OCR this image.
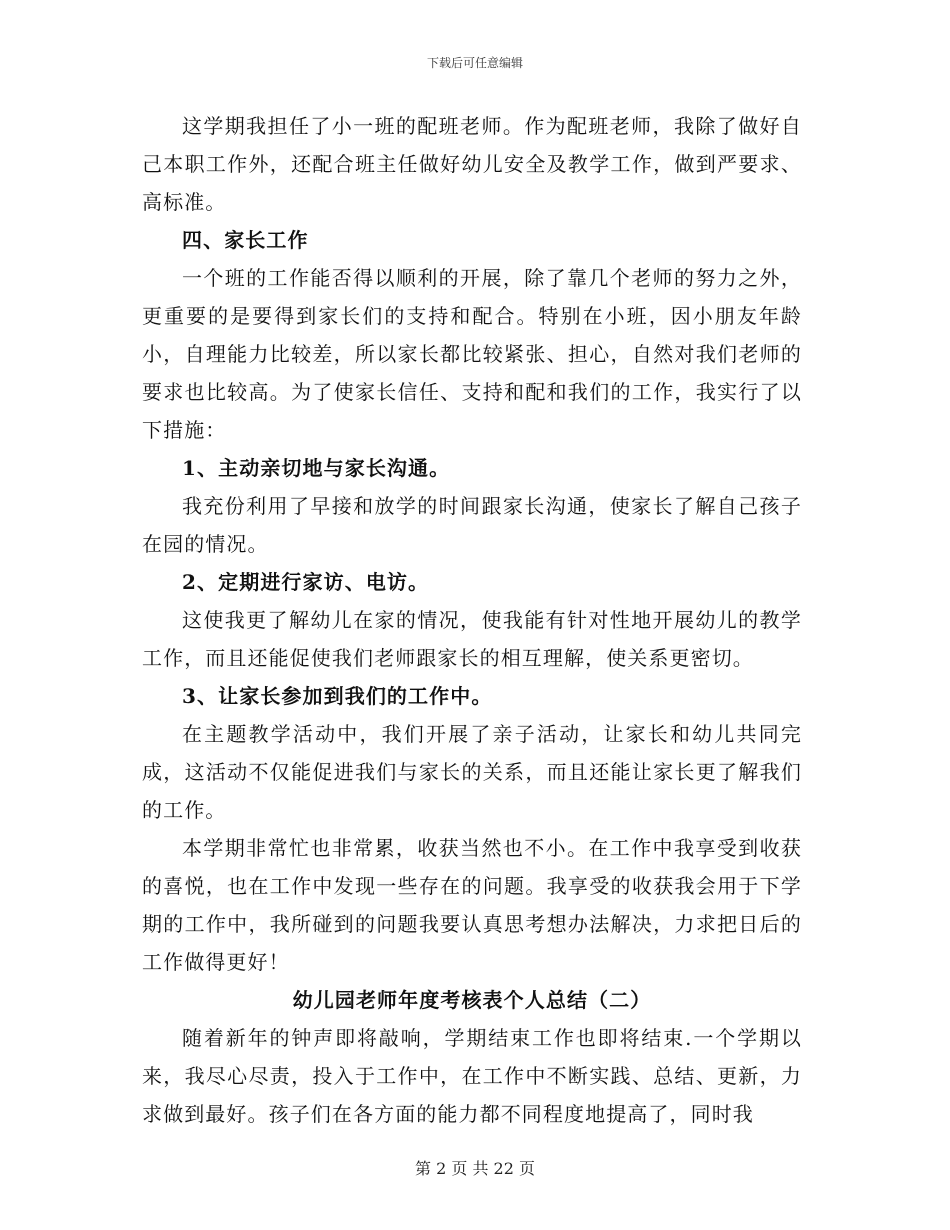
下载后可任意编辑

这学期我担任了小一班的配班老师。作为配班老师，我除了做好自己本职工作外，还配合班主任做好幼儿安全及教学工作，做到严要求、高标准。

四、家长工作

一个班的工作能否得以顺利的开展，除了靠几个老师的努力之外，更重要的是要得到家长们的支持和配合。特别在小班，因小朋友年龄小，自理能力比较差，所以家长都比较紧张、担心，自然对我们老师的要求也比较高。为了使家长信任、支持和配和我们的工作，我实行了以下措施：

1、主动亲切地与家长沟通。

我充份利用了早接和放学的时间跟家长沟通，使家长了解自己孩子在园的情况。

2、定期进行家访、电访。

这使我更了解幼儿在家的情况，使我能有针对性地开展幼儿的教学工作，而且还能促使我们老师跟家长的相互理解，使关系更密切。

3、让家长参加到我们的工作中。

在主题教学活动中，我们开展了亲子活动，让家长和幼儿共同完成，这活动不仅能促进我们与家长的关系，而且还能让家长更了解我们的工作。

本学期非常忙也非常累，收获当然也不小。在工作中我享受到收获的喜悦，也在工作中发现一些存在的问题。我享受的收获我会用于下学期的工作中，我所碰到的问题我要认真思考想办法解决，力求把日后的工作做得更好！

幼儿园老师年度考核表个人总结（二）

随着新年的钟声即将敲响，学期结束工作也即将结束.一个学期以来，我尽心尽责，投入于工作中，在工作中不断实践、总结、更新，力求做到最好。孩子们在各方面的能力都不同程度地提高了，同时我

第 2 页 共 22 页
